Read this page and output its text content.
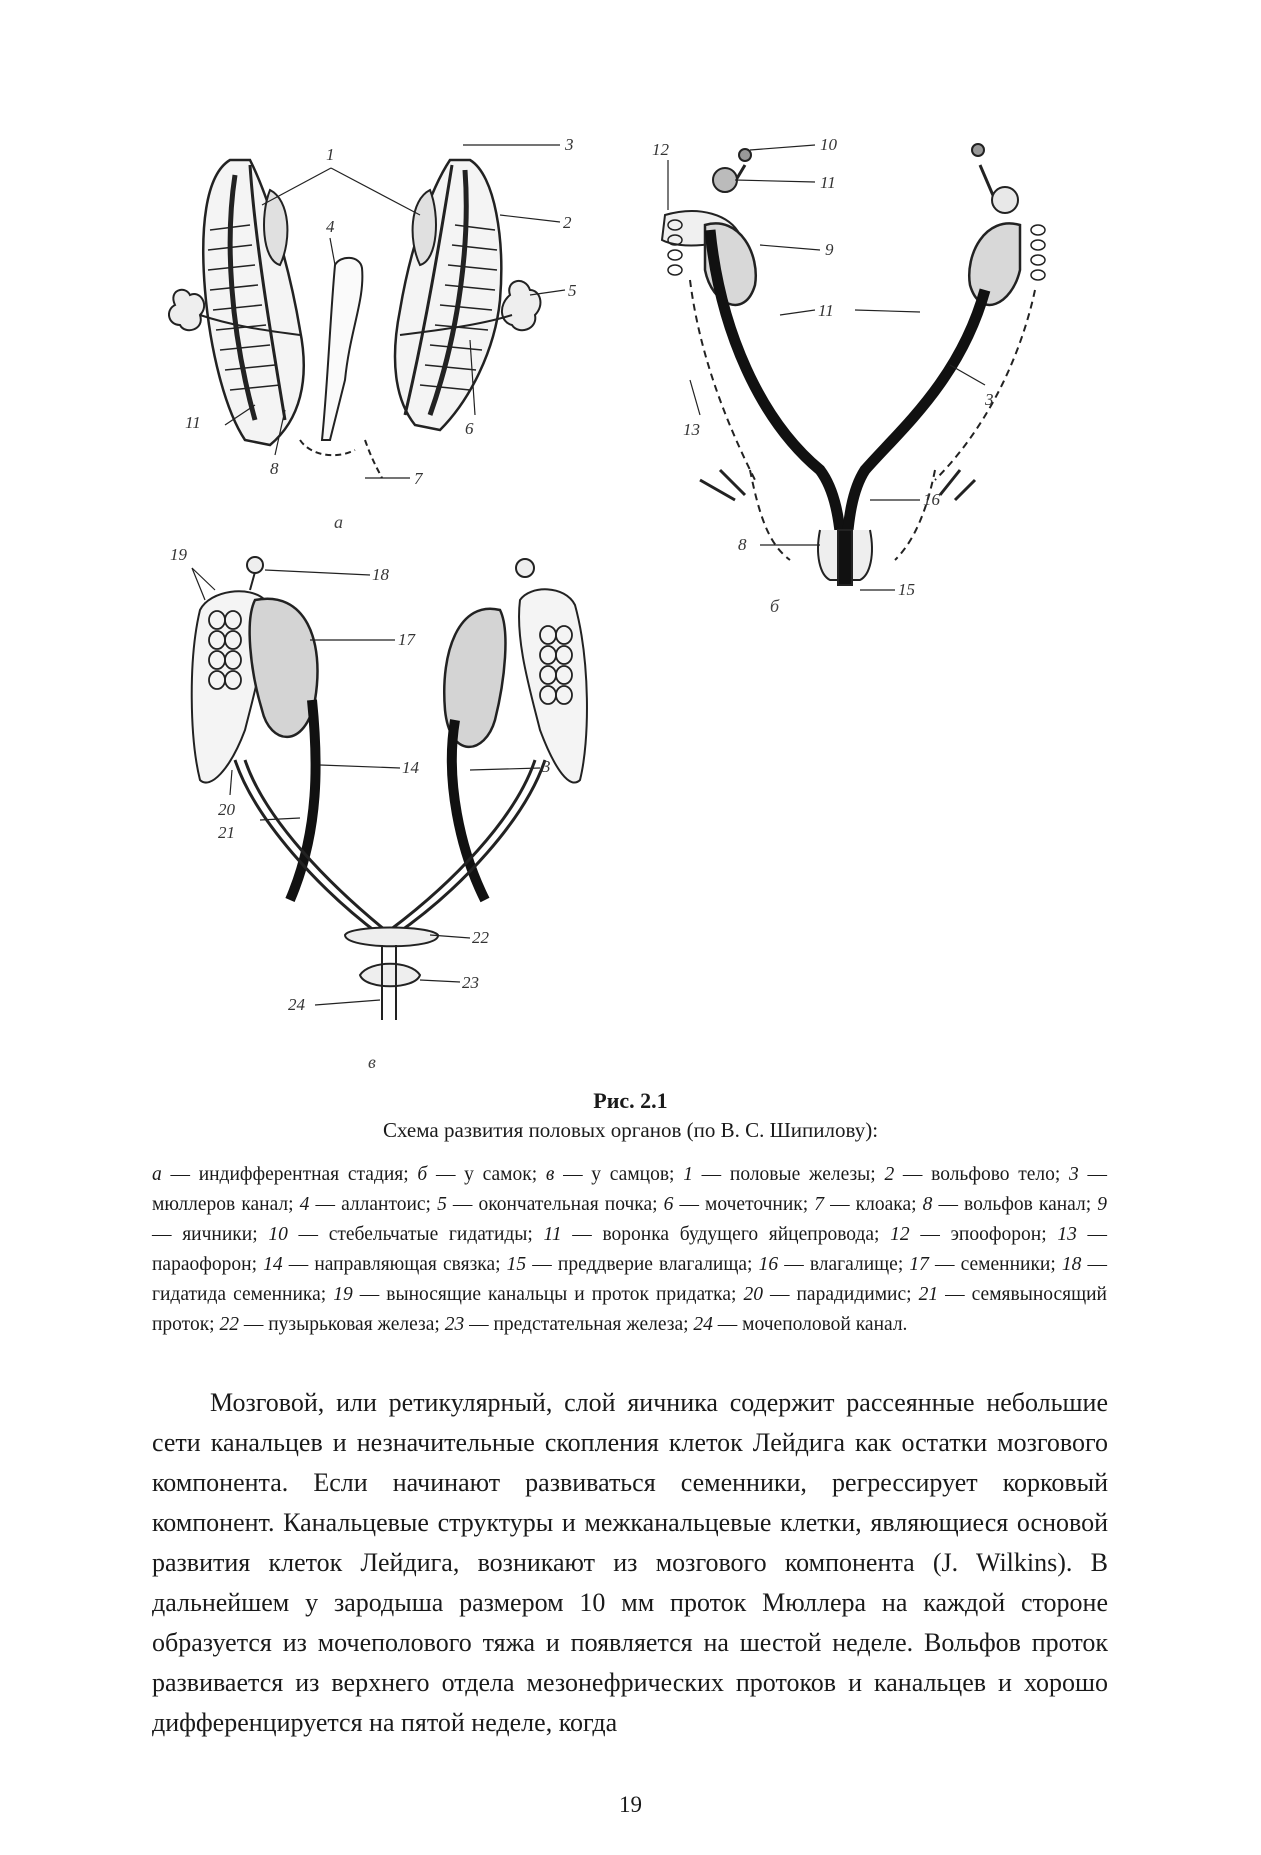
1
3
2
4
5
11
8
6
7
а
12	10
11
9
11
3
13
16
8
15
б
19
18
17
14	3
20
21
22
23
24
в
Рис. 2.1
Схема развития половых органов (по В. С. Шипилову):
а — индифферентная стадия; б — у самок; в — у самцов; 1 — половые железы; 2 — вольфово тело; 3 — мюллеров канал; 4 — аллантоис; 5 — окончательная почка; 6 — мочеточник; 7 — клоака; 8 — вольфов канал; 9 — яичники; 10 — стебельчатые гидатиды; 11 — воронка будущего яйцепровода; 12 — эпоофорон; 13 — параофорон; 14 — направляющая связка; 15 — преддверие влагалища; 16 — влагалище; 17 — семенники; 18 — гидатида семенника; 19 — выносящие канальцы и проток придатка; 20 — парадидимис; 21 — семявыносящий проток; 22 — пузырьковая железа; 23 — предстательная железа; 24 — мочеполовой канал.
Мозговой, или ретикулярный, слой яичника содержит рассеянные небольшие сети канальцев и незначительные скопления клеток Лейдига как остатки мозгового компонента. Если начинают развиваться семенники, регрессирует корковый компонент. Канальцевые структуры и межканальцевые клетки, являющиеся основой развития клеток Лейдига, возникают из мозгового компонента (J. Wilkins). В дальнейшем у зародыша размером 10 мм проток Мюллера на каждой стороне образуется из мочеполового тяжа и появляется на шестой неделе. Вольфов проток развивается из верхнего отдела мезонефрических протоков и канальцев и хорошо дифференцируется на пятой неделе, когда
19
